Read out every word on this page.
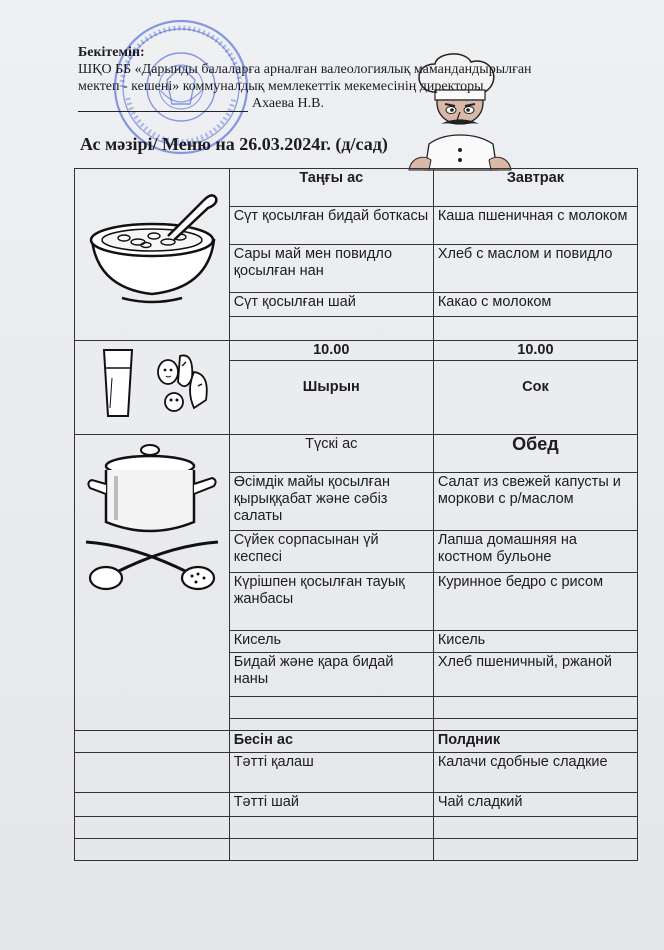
Бекітемін:
ШҚО ББ «Дарынды балаларға арналған валеологиялық мамандандырылған
мектеп - кешені» коммуналдық мемлекеттік мекемесінің директоры
Ахаева Н.В.
Ас мәзірі/ Меню на 26.03.2024г. (д/сад)
	Таңғы ас	Завтрак
	Сүт қосылған бидай боткасы	Каша пшеничная с молоком
	Сары май мен повидло қосылған нан	Хлеб с маслом и повидло
	Сүт қосылған шай	Какао с молоком

	10.00	10.00
	Шырын	Сок
	Түскі ас	Обед
	Өсімдік майы қосылған қырыққабат және сәбіз салаты	Салат из свежей капусты и моркови с р/маслом
	Сүйек сорпасынан үй кеспесі	Лапша домашняя на костном бульоне
	Күрішпен қосылған тауық жанбасы	Куринное бедро с рисом
	Кисель	Кисель
	Бидай және қара бидай наны	Хлеб пшеничный, ржаной

	Бесін ас	Полдник
	Тәтті қалаш	Калачи сдобные сладкие
	Тәтті шай	Чай сладкий
